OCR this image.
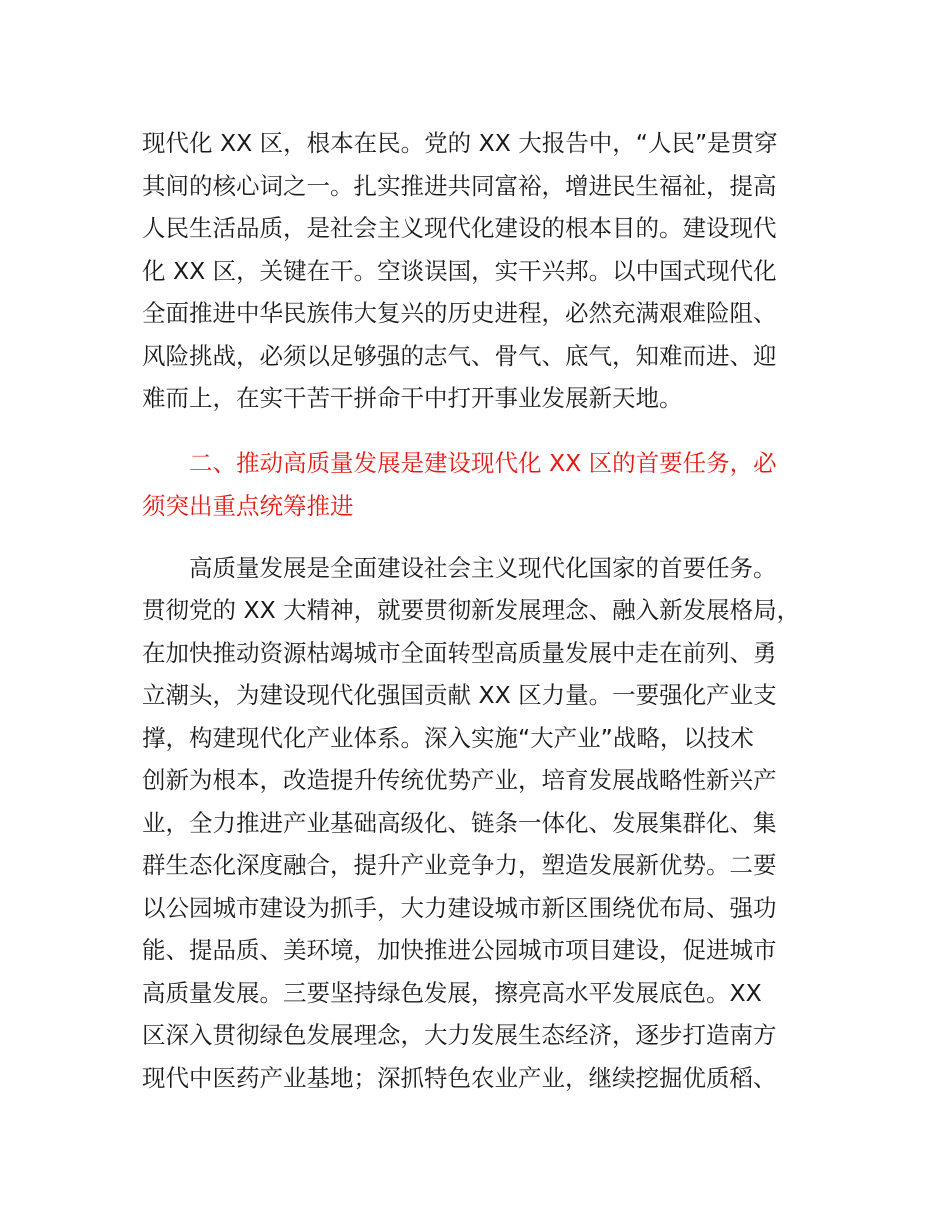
现代化 XX 区，根本在民。党的 XX 大报告中，“人民”是贯穿
其间的核心词之一。扎实推进共同富裕，增进民生福祉，提高
人民生活品质，是社会主义现代化建设的根本目的。建设现代
化 XX 区，关键在干。空谈误国，实干兴邦。以中国式现代化
全面推进中华民族伟大复兴的历史进程，必然充满艰难险阻、
风险挑战，必须以足够强的志气、骨气、底气，知难而进、迎
难而上，在实干苦干拼命干中打开事业发展新天地。
二、推动高质量发展是建设现代化 XX 区的首要任务，必
须突出重点统筹推进
高质量发展是全面建设社会主义现代化国家的首要任务。
贯彻党的 XX 大精神，就要贯彻新发展理念、融入新发展格局，
在加快推动资源枯竭城市全面转型高质量发展中走在前列、勇
立潮头，为建设现代化强国贡献 XX 区力量。一要强化产业支
撑，构建现代化产业体系。深入实施“大产业”战略，以技术
创新为根本，改造提升传统优势产业，培育发展战略性新兴产
业，全力推进产业基础高级化、链条一体化、发展集群化、集
群生态化深度融合，提升产业竞争力，塑造发展新优势。二要
以公园城市建设为抓手，大力建设城市新区围绕优布局、强功
能、提品质、美环境，加快推进公园城市项目建设，促进城市
高质量发展。三要坚持绿色发展，擦亮高水平发展底色。XX
区深入贯彻绿色发展理念，大力发展生态经济，逐步打造南方
现代中医药产业基地；深抓特色农业产业，继续挖掘优质稻、
